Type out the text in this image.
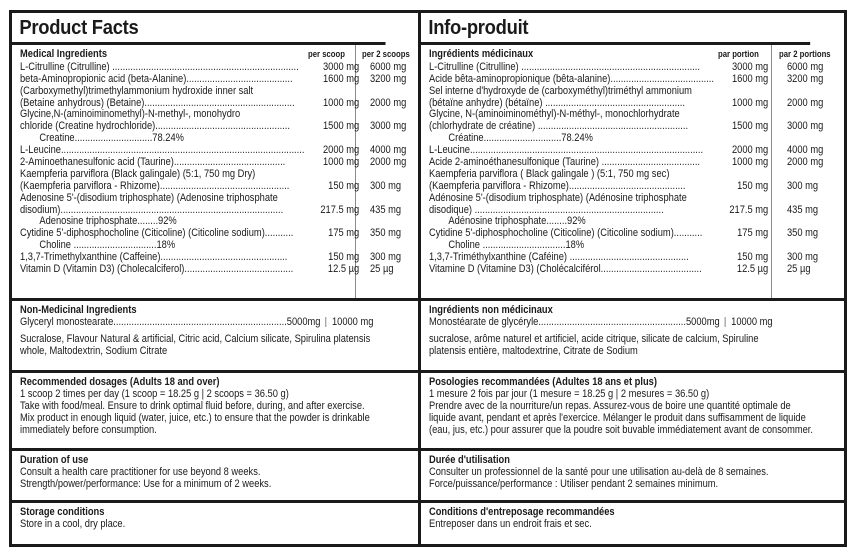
Product Facts
Medical Ingredients	per scoop per 2 scoops
L-Citrulline (Citrulline) ........................................................................ 3000 mg 6000 mg
beta-Aminopropionic acid (beta-Alanine).........................................	1600 mg 3200 mg
(Carboxymethyl)trimethylammonium hydroxide inner salt
(Betaine anhydrous) (Betaine)..........................................................	1000 mg 2000 mg
Glycine,N-(aminoiminomethyl)-N-methyl-, monohydro
chloride (Creatine hydrochloride)....................................................	1500 mg 3000 mg
Creatine..............................78.24%
L-Leucine.............................................................................................. 2000 mg 4000 mg
2-Aminoethanesulfonic acid (Taurine)...........................................	1000 mg 2000 mg
Kaempferia parviflora (Black galingale) (5:1, 750 mg Dry)
(Kaempferia parviflora - Rhizome)..................................................	150 mg 300 mg
Adenosine 5'-(disodium triphosphate) (Adenosine triphosphate
disodium)......................................................................................	217.5 mg 435 mg
Adenosine triphosphate........92%
Cytidine 5'-diphosphocholine (Citicoline) (Citicoline sodium)...........	175 mg 350 mg
Choline ................................18%
1,3,7-Trimethylxanthine (Caffeine).................................................	150 mg 300 mg
Vitamin D (Vitamin D3) (Cholecalciferol)..........................................	12.5 µg 25 µg
Non-Medicinal Ingredients
Glyceryl monostearate...................................................................5000mg 10000 mg
Sucralose, Flavour Natural & artificial, Citric acid, Calcium silicate, Spirulina platensis
whole, Maltodextrin, Sodium Citrate
Recommended dosages (Adults 18 and over)
1 scoop 2 times per day (1 scoop = 18.25 g | 2 scoops = 36.50 g)
Take with food/meal. Ensure to drink optimal fluid before, during, and after exercise.
Mix product in enough liquid (water, juice, etc.) to ensure that the powder is drinkable
immediately before consumption.
Duration of use
Consult a health care practitioner for use beyond 8 weeks.
Strength/power/performance: Use for a minimum of 2 weeks.
Storage conditions
Store in a cool, dry place.
Info-produit
Ingrédients médicinaux	par portion par 2 portions
L-Citrulline (Citrulline) .....................................................................	3000 mg 6000 mg
Acide bêta-aminopropionique (bêta-alanine)........................................ 1600 mg 3200 mg
Sel interne d'hydroxyde de (carboxyméthyl)triméthyl ammonium
(bétaïne anhydre) (bétaïne) ......................................................	1000 mg 2000 mg
Glycine, N-(aminoiminométhyl)-N-méthyl-, monochlorhydrate
(chlorhydrate de créatine) ..........................................................	1500 mg 3000 mg
Créatine..............................78.24%
L-Leucine..........................................................................................	2000 mg 4000 mg
Acide 2-aminoéthanesulfonique (Taurine) ......................................	1000 mg 2000 mg
Kaempferia parviflora ( Black galingale ) (5:1, 750 mg sec)
(Kaempferia parviflora - Rhizome).............................................	150 mg 300 mg
Adénosine 5'-(disodium triphosphate) (Adénosine triphosphate
disodique) .........................................................................	217.5 mg 435 mg
Adénosine triphosphate........92%
Cytidine 5'-diphosphocholine (Citicoline) (Citicoline sodium)...........	175 mg 350 mg
Choline ................................18%
1,3,7-Triméthylxanthine (Caféine) ..............................................	150 mg 300 mg
Vitamine D (Vitamine D3) (Cholécalciférol.......................................	12.5 µg 25 µg
Ingrédients non médicinaux
Monostéarate de glycéryle.........................................................5000mg 10000 mg
sucralose, arôme naturel et artificiel, acide citrique, silicate de calcium, Spiruline
platensis entière, maltodextrine, Citrate de Sodium
Posologies recommandées (Adultes 18 ans et plus)
1 mesure 2 fois par jour (1 mesure = 18.25 g | 2 mesures = 36.50 g)
Prendre avec de la nourriture/un repas. Assurez-vous de boire une quantité optimale de
liquide avant, pendant et après l'exercice. Mélanger le produit dans suffisamment de liquide
(eau, jus, etc.) pour assurer que la poudre soit buvable immédiatement avant de consommer.
Durée d'utilisation
Consulter un professionnel de la santé pour une utilisation au-delà de 8 semaines.
Force/puissance/performance : Utiliser pendant 2 semaines minimum.
Conditions d'entreposage recommandées
Entreposer dans un endroit frais et sec.
